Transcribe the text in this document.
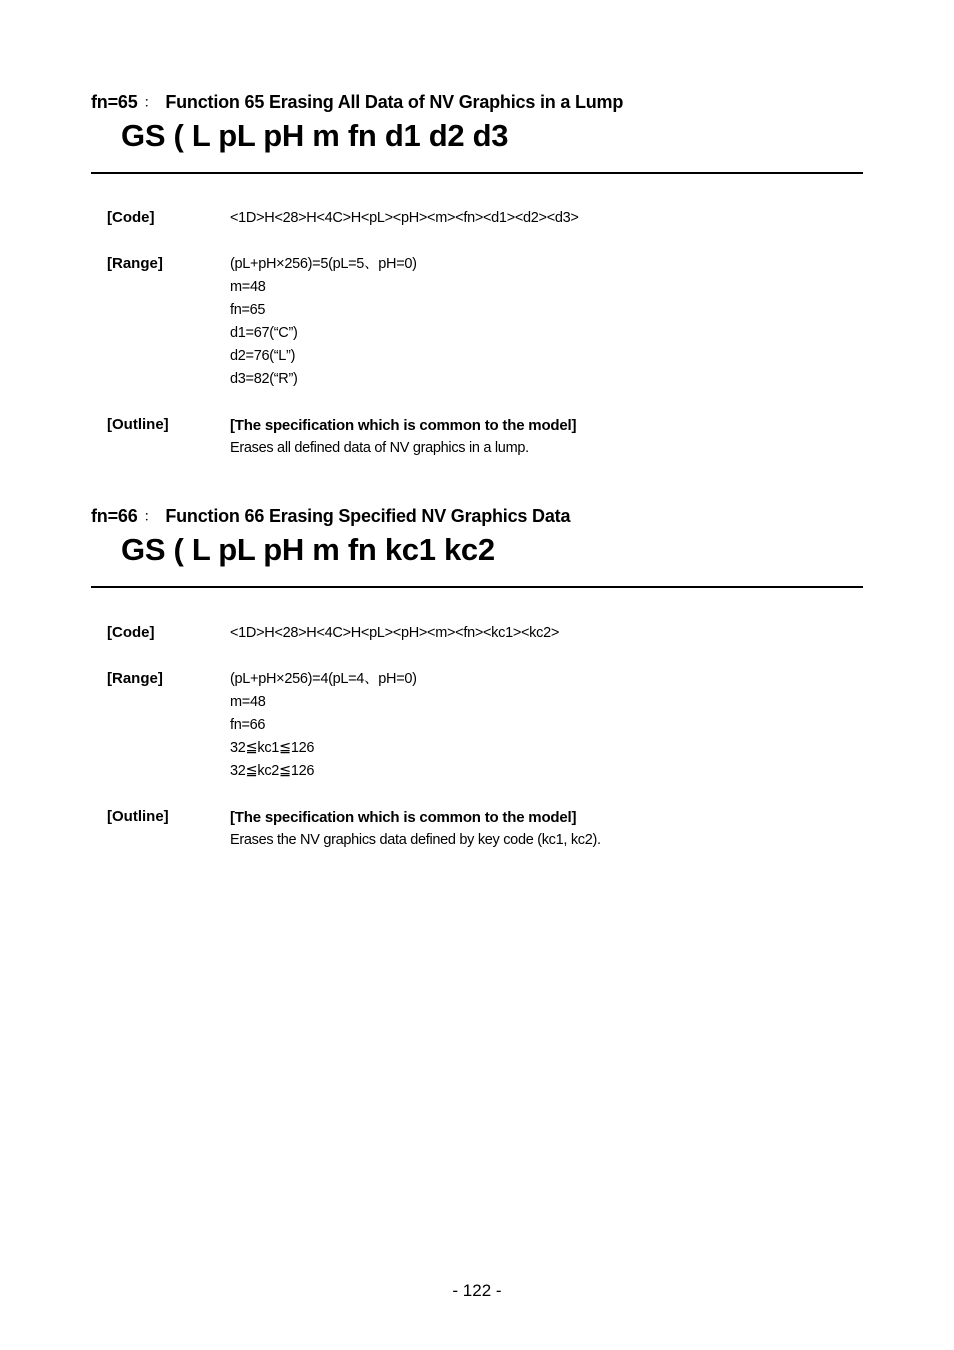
fn=65 ： Function 65 Erasing All Data of NV Graphics in a Lump
GS ( L pL pH m fn d1 d2 d3
[Code]	<1D>H<28>H<4C>H<pL><pH><m><fn><d1><d2><d3>
[Range]	(pL+pH×256)=5(pL=5、pH=0)
m=48
fn=65
d1=67(“C”)
d2=76(“L”)
d3=82(“R”)
[Outline]	[The specification which is common to the model]
Erases all defined data of NV graphics in a lump.
fn=66 ： Function 66 Erasing Specified NV Graphics Data
GS ( L pL pH m fn kc1 kc2
[Code]	<1D>H<28>H<4C>H<pL><pH><m><fn><kc1><kc2>
[Range]	(pL+pH×256)=4(pL=4、pH=0)
m=48
fn=66
32≦kc1≦126
32≦kc2≦126
[Outline]	[The specification which is common to the model]
Erases the NV graphics data defined by key code (kc1, kc2).
- 122 -
